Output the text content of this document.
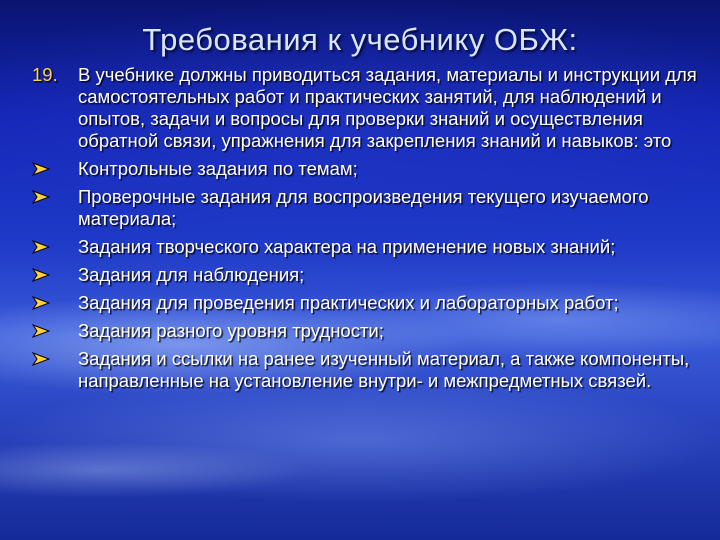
Требования к учебнику ОБЖ:
19. В учебнике должны приводиться задания, материалы и инструкции для самостоятельных работ и практических занятий, для наблюдений и опытов, задачи и вопросы для проверки знаний и осуществления обратной связи, упражнения для закрепления знаний и навыков: это
Контрольные задания по темам;
Проверочные задания для воспроизведения текущего изучаемого материала;
Задания творческого характера на применение новых знаний;
Задания для наблюдения;
Задания для проведения практических и лабораторных работ;
Задания разного уровня трудности;
Задания и ссылки на ранее изученный материал, а также компоненты, направленные на установление внутри- и межпредметных связей.
